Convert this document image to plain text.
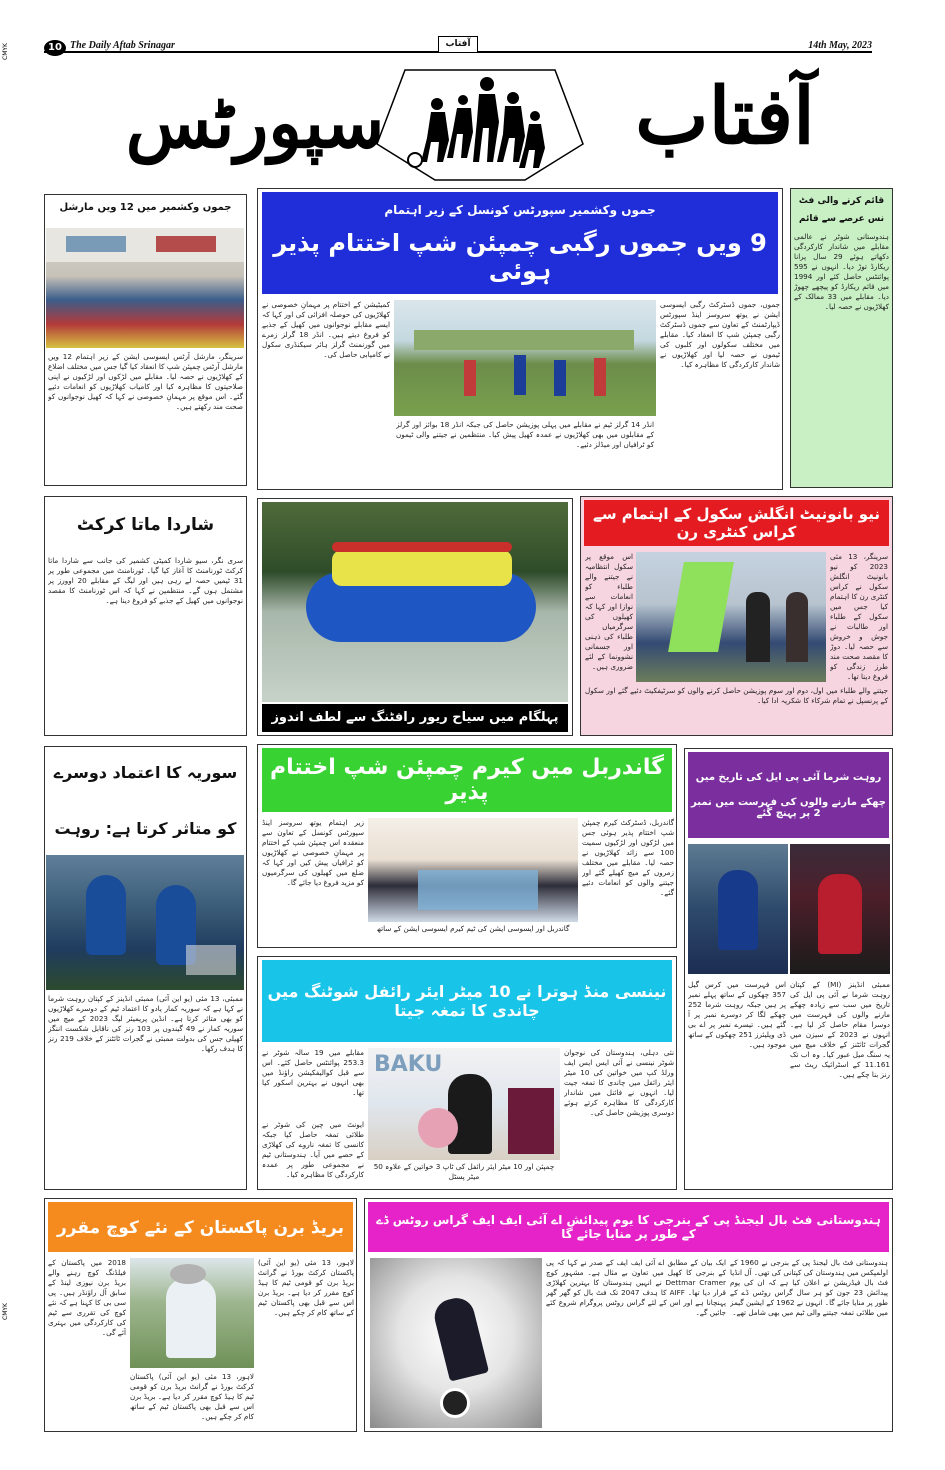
CMYK
CMYK
10 The Daily Aftab Srinagar	آفتاب	14th May, 2023
آفتاب
سپورٹس
جموں وکشمیر میں 12 ویں مارشل
سرینگر، مارشل آرٹس ایسوسی ایشن کے زیر اہتمام 12 ویں مارشل آرٹس چمپئن شپ کا انعقاد کیا گیا جس میں مختلف اضلاع کے کھلاڑیوں نے حصہ لیا۔ مقابلے میں لڑکوں اور لڑکیوں نے اپنی صلاحیتوں کا مظاہرہ کیا اور کامیاب کھلاڑیوں کو انعامات دئیے گئے۔ اس موقع پر مہمانِ خصوصی نے کہا کہ کھیل نوجوانوں کو صحت مند رکھتے ہیں۔
شاردا ماتا کرکٹ
سری نگر، سیو شاردا کمیٹی کشمیر کی جانب سے شاردا ماتا کرکٹ ٹورنامنٹ کا آغاز کیا گیا۔ ٹورنامنٹ میں مجموعی طور پر 31 ٹیمیں حصہ لے رہی ہیں اور لیگ کے مقابلے 20 اوورز پر مشتمل ہوں گے۔ منتظمین نے کہا کہ اس ٹورنامنٹ کا مقصد نوجوانوں میں کھیل کے جذبے کو فروغ دینا ہے۔
سوریہ کا اعتماد دوسرے
کو متاثر کرتا ہے: روہت
ممبئی، 13 مئی (یو این آئی) ممبئی انڈینز کے کپتان روہت شرما نے کہا ہے کہ سوریہ کمار یادو کا اعتماد ٹیم کے دوسرے کھلاڑیوں کو بھی متاثر کرتا ہے۔ انڈین پریمیئر لیگ 2023 کے میچ میں سوریہ کمار نے 49 گیندوں پر 103 رنز کی ناقابل شکست اننگز کھیلی جس کی بدولت ممبئی نے گجرات ٹائٹنز کے خلاف 219 رنز کا ہدف رکھا۔
جموں وکشمیر سپورٹس کونسل کے زیر اہتمام
9 ویں جموں رگبی چمپئن شپ اختتام پذیر ہوئی
جموں، جموں ڈسٹرکٹ رگبی ایسوسی ایشن نے یوتھ سروسز اینڈ سپورٹس ڈیپارٹمنٹ کے تعاون سے جموں ڈسٹرکٹ رگبی چمپئن شپ کا انعقاد کیا۔ مقابلے میں مختلف سکولوں اور کلبوں کی ٹیموں نے حصہ لیا اور کھلاڑیوں نے شاندار کارکردگی کا مظاہرہ کیا۔
انڈر 14 گرلز ٹیم نے مقابلے میں پہلی پوزیشن حاصل کی جبکہ انڈر 18 بوائز اور گرلز کے مقابلوں میں بھی کھلاڑیوں نے عمدہ کھیل پیش کیا۔ منتظمین نے جیتنے والی ٹیموں کو ٹرافیاں اور میڈلز دئیے۔
کمیٹیشن کے اختتام پر مہمانِ خصوصی نے کھلاڑیوں کی حوصلہ افزائی کی اور کہا کہ ایسے مقابلے نوجوانوں میں کھیل کے جذبے کو فروغ دیتے ہیں۔ انڈر 18 گرلز زمرے میں گورنمنٹ گرلز ہائر سیکنڈری سکول نے کامیابی حاصل کی۔
قائم کرنے والی فٹ نس عرصے سے قائم
ہندوستانی شوٹر نے عالمی مقابلے میں شاندار کارکردگی دکھاتے ہوئے 29 سال پرانا ریکارڈ توڑ دیا۔ انہوں نے 595 پوائنٹس حاصل کئے اور 1994 میں قائم ریکارڈ کو پیچھے چھوڑ دیا۔ مقابلے میں 33 ممالک کے کھلاڑیوں نے حصہ لیا۔
پہلگام میں سیاح ریور رافٹنگ سے لطف اندوز
نیو بانونیٹ انگلش سکول کے اہتمام سے کراس کنٹری رن
سرینگر، 13 مئی 2023 کو نیو بانونیٹ انگلش سکول نے کراس کنٹری رن کا اہتمام کیا جس میں سکول کے طلباء اور طالبات نے جوش و خروش سے حصہ لیا۔ دوڑ کا مقصد صحت مند طرز زندگی کو فروغ دینا تھا۔
اس موقع پر سکول انتظامیہ نے جیتنے والے طلباء کو انعامات سے نوازا اور کہا کہ کھیلوں کی سرگرمیاں طلباء کی ذہنی اور جسمانی نشوونما کے لئے ضروری ہیں۔
جیتنے والے طلباء میں اول، دوم اور سوم پوزیشن حاصل کرنے والوں کو سرٹیفکیٹ دئیے گئے اور سکول کے پرنسپل نے تمام شرکاء کا شکریہ ادا کیا۔
گاندربل میں کیرم چمپئن شپ اختتام پذیر
گاندربل، ڈسٹرکٹ کیرم چمپئن شپ اختتام پذیر ہوئی جس میں لڑکوں اور لڑکیوں سمیت 100 سے زائد کھلاڑیوں نے حصہ لیا۔ مقابلے میں مختلف زمروں کے میچ کھیلے گئے اور جیتنے والوں کو انعامات دئیے گئے۔
گاندربل اور ایسوسی ایشن کی ٹیم کیرم ایسوسی ایشن کے ساتھ
زیر اہتمام یوتھ سروسز اینڈ سپورٹس کونسل کے تعاون سے منعقدہ اس چمپئن شپ کے اختتام پر مہمانِ خصوصی نے کھلاڑیوں کو ٹرافیاں پیش کیں اور کہا کہ ضلع میں کھیلوں کی سرگرمیوں کو مزید فروغ دیا جائے گا۔
روہت شرما آئی پی ایل کی تاریخ میں
چھکے مارنے والوں کی فہرست میں نمبر 2 پر پہنچ گئے
ممبئی انڈینز (MI) کے کپتان روہت شرما نے آئی پی ایل کی تاریخ میں سب سے زیادہ چھکے مارنے والوں کی فہرست میں دوسرا مقام حاصل کر لیا ہے۔ انہوں نے 2023 کے سیزن میں گجرات ٹائٹنز کے خلاف میچ میں یہ سنگ میل عبور کیا۔ وہ اب تک 11.161 کے اسٹرائیک ریٹ سے رنز بنا چکے ہیں۔
اس فہرست میں کرس گیل 357 چھکوں کے ساتھ پہلے نمبر پر ہیں جبکہ روہت شرما 252 چھکے لگا کر دوسرے نمبر پر آ گئے ہیں۔ تیسرے نمبر پر اے بی ڈی ویلیئرز 251 چھکوں کے ساتھ موجود ہیں۔
نینسی منڈ ہوترا نے 10 میٹر ایئر رائفل شوٹنگ میں چاندی کا تمغہ جیتا
نئی دہلی، ہندوستان کی نوجوان شوٹر نینسی نے آئی ایس ایس ایف ورلڈ کپ میں خواتین کی 10 میٹر ایئر رائفل میں چاندی کا تمغہ جیت لیا۔ انہوں نے فائنل میں شاندار کارکردگی کا مظاہرہ کرتے ہوئے دوسری پوزیشن حاصل کی۔
BAKU
چمپئن اور 10 میٹر ایئر رائفل کی ٹاپ 3 خواتین کے علاوہ 50 میٹر پسٹل
مقابلے میں 19 سالہ شوٹر نے 253.3 پوائنٹس حاصل کئے۔ اس سے قبل کوالیفکیشن راؤنڈ میں بھی انہوں نے بہترین اسکور کیا تھا۔
ایونٹ میں چین کی شوٹر نے طلائی تمغہ حاصل کیا جبکہ کانسی کا تمغہ ناروے کی کھلاڑی کے حصے میں آیا۔ ہندوستانی ٹیم نے مجموعی طور پر عمدہ کارکردگی کا مظاہرہ کیا۔
بریڈ برن پاکستان کے نئے کوچ مقرر
لاہور، 13 مئی (یو این آئی) پاکستان کرکٹ بورڈ نے گرانٹ بریڈ برن کو قومی ٹیم کا ہیڈ کوچ مقرر کر دیا ہے۔ بریڈ برن اس سے قبل بھی پاکستان ٹیم کے ساتھ کام کر چکے ہیں۔
2018 میں پاکستان کے فیلڈنگ کوچ رہنے والے بریڈ برن نیوزی لینڈ کے سابق آل راؤنڈر ہیں۔ پی سی بی کا کہنا ہے کہ نئے کوچ کی تقرری سے ٹیم کی کارکردگی میں بہتری آئے گی۔
لاہور، 13 مئی (یو این آئی) پاکستان کرکٹ بورڈ نے گرانٹ بریڈ برن کو قومی ٹیم کا ہیڈ کوچ مقرر کر دیا ہے۔ بریڈ برن اس سے قبل بھی پاکستان ٹیم کے ساتھ کام کر چکے ہیں۔
ہندوستانی فٹ بال لیجنڈ پی کے بنرجی کا یوم پیدائش اے آئی ایف ایف گراس روٹس ڈے کے طور پر منایا جائے گا
ہندوستانی فٹ بال لیجنڈ پی کے بنرجی نے 1960 کے اولمپکس میں ہندوستان کی کپتانی کی تھی۔ آل انڈیا فٹ بال فیڈریشن نے اعلان کیا ہے کہ ان کی یوم پیدائش 23 جون کو ہر سال گراس روٹس ڈے کے طور پر منایا جائے گا۔ انہوں نے 1962 کے ایشین گیمز میں طلائی تمغہ جیتنے والی ٹیم میں بھی شامل تھے۔
ایک بیان کے مطابق اے آئی ایف ایف کے صدر نے کہا کہ پی کے بنرجی کا کھیل میں تعاون بے مثال ہے۔ مشہور کوچ Dettmar Cramer نے انہیں ہندوستان کا بہترین کھلاڑی قرار دیا تھا۔ AIFF کا ہدف 2047 تک فٹ بال کو گھر گھر پہنچانا ہے اور اس کے لئے گراس روٹس پروگرام شروع کئے جائیں گے۔
